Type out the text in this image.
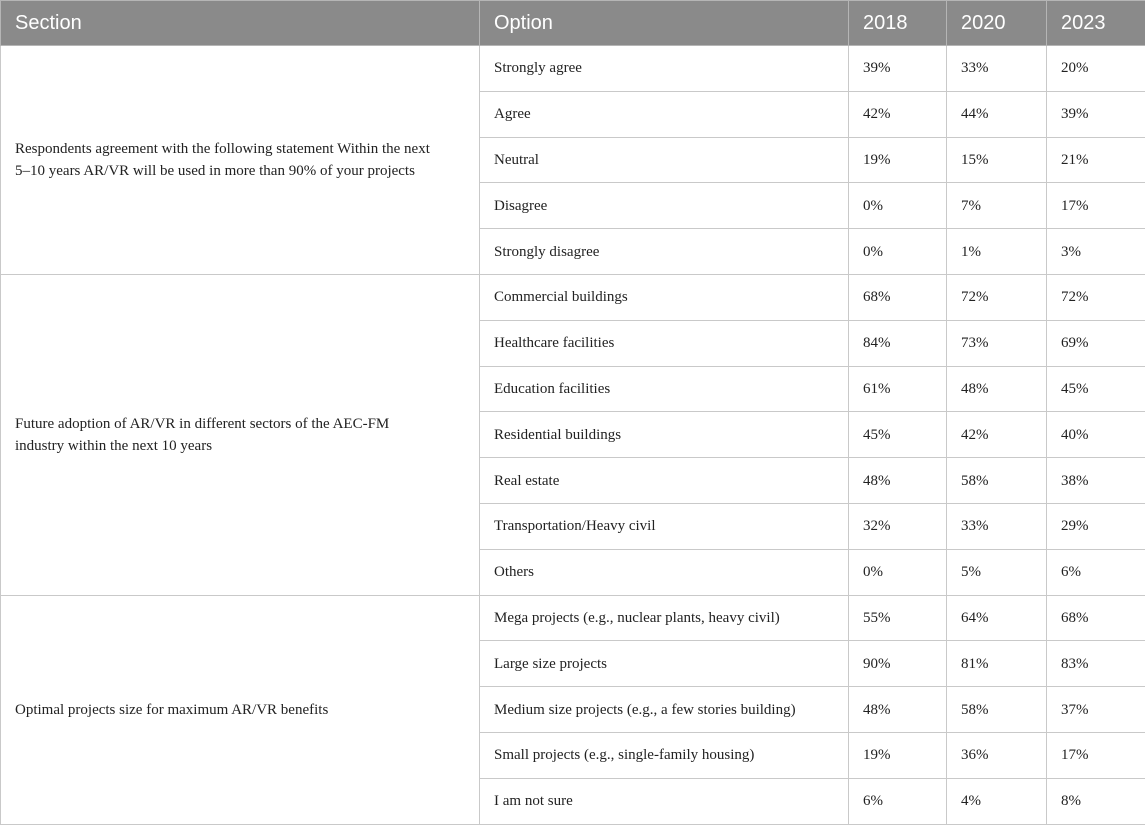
Section	Option	2018	2020	2023
Respondents agreement with the following statement Within the next 5–10 years AR/VR will be used in more than 90% of your projects	Strongly agree	39%	33%	20%
	Agree	42%	44%	39%
	Neutral	19%	15%	21%
	Disagree	0%	7%	17%
	Strongly disagree	0%	1%	3%
Future adoption of AR/VR in different sectors of the AEC-FM industry within the next 10 years	Commercial buildings	68%	72%	72%
	Healthcare facilities	84%	73%	69%
	Education facilities	61%	48%	45%
	Residential buildings	45%	42%	40%
	Real estate	48%	58%	38%
	Transportation/Heavy civil	32%	33%	29%
	Others	0%	5%	6%
Optimal projects size for maximum AR/VR benefits	Mega projects (e.g., nuclear plants, heavy civil)	55%	64%	68%
	Large size projects	90%	81%	83%
	Medium size projects (e.g., a few stories building)	48%	58%	37%
	Small projects (e.g., single-family housing)	19%	36%	17%
	I am not sure	6%	4%	8%
